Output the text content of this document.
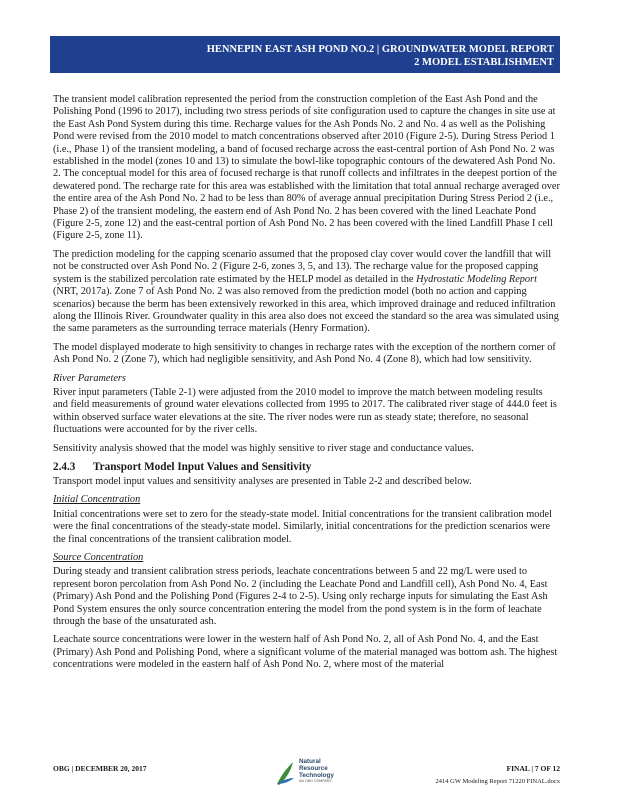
HENNEPIN EAST ASH POND NO.2 | GROUNDWATER MODEL REPORT
2 MODEL ESTABLISHMENT

The transient model calibration represented the period from the construction completion of the East Ash Pond and the Polishing Pond (1996 to 2017), including two stress periods of site configuration used to capture the changes in site use at the East Ash Pond System during this time. Recharge values for the Ash Ponds No. 2 and No. 4 as well as the Polishing Pond were revised from the 2010 model to match concentrations observed after 2010 (Figure 2-5). During Stress Period 1 (i.e., Phase 1) of the transient modeling, a band of focused recharge across the east-central portion of Ash Pond No. 2 was established in the model (zones 10 and 13) to simulate the bowl-like topographic contours of the dewatered Ash Pond No. 2. The conceptual model for this area of focused recharge is that runoff collects and infiltrates in the deepest portion of the dewatered pond. The recharge rate for this area was established with the limitation that total annual recharge averaged over the entire area of the Ash Pond No. 2 had to be less than 80% of average annual precipitation During Stress Period 2 (i.e., Phase 2) of the transient modeling, the eastern end of Ash Pond No. 2 has been covered with the lined Leachate Pond (Figure 2-5, zone 12) and the east-central portion of Ash Pond No. 2 has been covered with the lined Landfill Phase I cell (Figure 2-5, zone 11).

The prediction modeling for the capping scenario assumed that the proposed clay cover would cover the landfill that will not be constructed over Ash Pond No. 2 (Figure 2-6, zones 3, 5, and 13). The recharge value for the proposed capping system is the stabilized percolation rate estimated by the HELP model as detailed in the Hydrostatic Modeling Report (NRT, 2017a). Zone 7 of Ash Pond No. 2 was also removed from the prediction model (both no action and capping scenarios) because the berm has been extensively reworked in this area, which improved drainage and reduced infiltration along the Illinois River. Groundwater quality in this area also does not exceed the standard so the area was simulated using the same parameters as the surrounding terrace materials (Henry Formation).

The model displayed moderate to high sensitivity to changes in recharge rates with the exception of the northern corner of Ash Pond No. 2 (Zone 7), which had negligible sensitivity, and Ash Pond No. 4 (Zone 8), which had low sensitivity.

River Parameters

River input parameters (Table 2-1) were adjusted from the 2010 model to improve the match between modeling results and field measurements of ground water elevations collected from 1995 to 2017. The calibrated river stage of 444.0 feet is within observed surface water elevations at the site. The river nodes were run as steady state; therefore, no seasonal fluctuations were accounted for by the river cells.

Sensitivity analysis showed that the model was highly sensitive to river stage and conductance values.

2.4.3 Transport Model Input Values and Sensitivity

Transport model input values and sensitivity analyses are presented in Table 2-2 and described below.

Initial Concentration

Initial concentrations were set to zero for the steady-state model. Initial concentrations for the transient calibration model were the final concentrations of the steady-state model. Similarly, initial concentrations for the prediction scenarios were the final concentrations of the transient calibration model.

Source Concentration

During steady and transient calibration stress periods, leachate concentrations between 5 and 22 mg/L were used to represent boron percolation from Ash Pond No. 2 (including the Leachate Pond and Landfill cell), Ash Pond No. 4, East (Primary) Ash Pond and the Polishing Pond (Figures 2-4 to 2-5). Using only recharge inputs for simulating the East Ash Pond System ensures the only source concentration entering the model from the pond system is in the form of leachate through the base of the unsaturated ash.

Leachate source concentrations were lower in the western half of Ash Pond No. 2, all of Ash Pond No. 4, and the East (Primary) Ash Pond and Polishing Pond, where a significant volume of the material managed was bottom ash. The highest concentrations were modeled in the eastern half of Ash Pond No. 2, where most of the material

OBG | DECEMBER 20, 2017
Natural
Resource
Technology
AN OBG COMPANY
FINAL | 7 OF 12
2414 GW Modeling Report 71220 FINAL.docx
